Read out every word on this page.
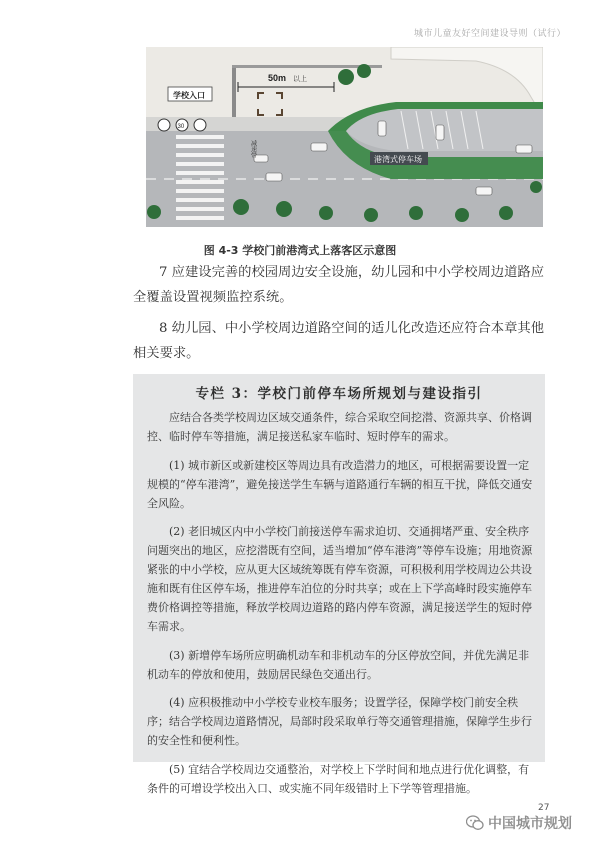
城市儿童友好空间建设导则（试行）
50m 以上
学校入口
30
减速带
港湾式停车场
图 4-3 学校门前港湾式上落客区示意图

7 应建设完善的校园周边安全设施，幼儿园和中小学校周边道路应全覆盖设置视频监控系统。

8 幼儿园、中小学校周边道路空间的适儿化改造还应符合本章其他相关要求。

专栏 3：学校门前停车场所规划与建设指引

应结合各类学校周边区域交通条件，综合采取空间挖潜、资源共享、价格调控、临时停车等措施，满足接送私家车临时、短时停车的需求。

(1) 城市新区或新建校区等周边具有改造潜力的地区，可根据需要设置一定规模的“停车港湾”，避免接送学生车辆与道路通行车辆的相互干扰，降低交通安全风险。

(2) 老旧城区内中小学校门前接送停车需求迫切、交通拥堵严重、安全秩序问题突出的地区，应挖潜既有空间，适当增加“停车港湾”等停车设施；用地资源紧张的中小学校，应从更大区域统筹既有停车资源，可积极利用学校周边公共设施和既有住区停车场，推进停车泊位的分时共享；或在上下学高峰时段实施停车费价格调控等措施，释放学校周边道路的路内停车资源，满足接送学生的短时停车需求。

(3) 新增停车场所应明确机动车和非机动车的分区停放空间，并优先满足非机动车的停放和使用，鼓励居民绿色交通出行。

(4) 应积极推动中小学校专业校车服务；设置学径，保障学校门前安全秩序；结合学校周边道路情况，局部时段采取单行等交通管理措施，保障学生步行的安全性和便利性。

(5) 宜结合学校周边交通整治，对学校上下学时间和地点进行优化调整，有条件的可增设学校出入口、或实施不同年级错时上下学等管理措施。

27
中国城市规划
